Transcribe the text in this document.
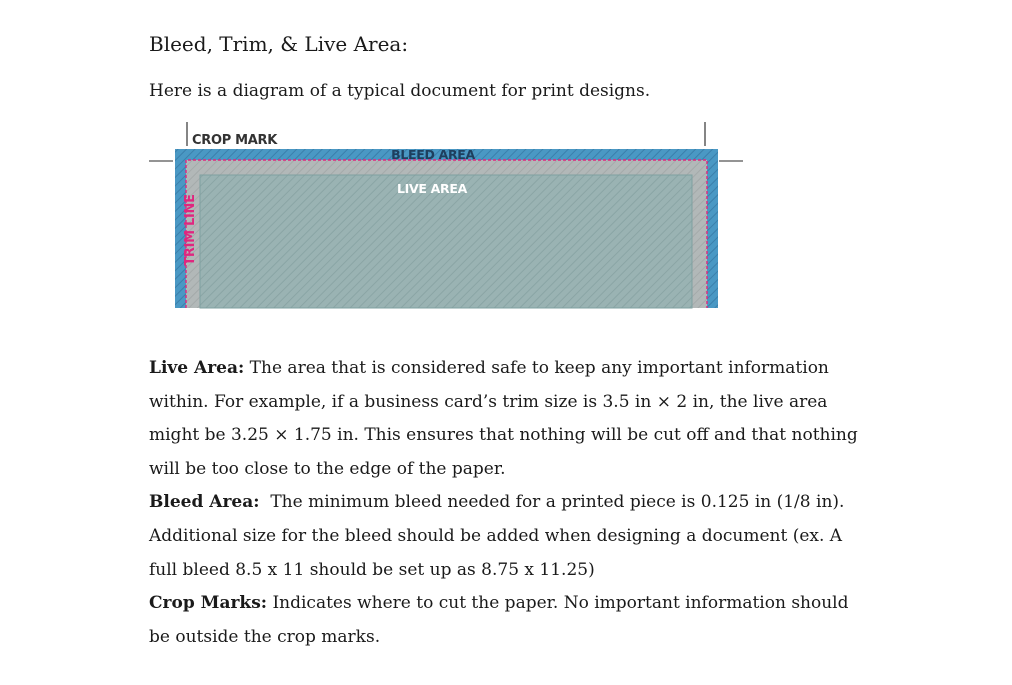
Bleed, Trim, & Live Area:

Here is a diagram of a typical document for print designs.

CROP MARK
BLEED AREA
LIVE AREA
TRIM LINE

Live Area: The area that is considered safe to keep any important information within. For example, if a business card’s trim size is 3.5 in × 2 in, the live area might be 3.25 × 1.75 in. This ensures that nothing will be cut off and that nothing will be too close to the edge of the paper.

Bleed Area:  The minimum bleed needed for a printed piece is 0.125 in (1/8 in). Additional size for the bleed should be added when designing a document (ex. A full bleed 8.5 x 11 should be set up as 8.75 x 11.25)

Crop Marks: Indicates where to cut the paper. No important information should be outside the crop marks.
